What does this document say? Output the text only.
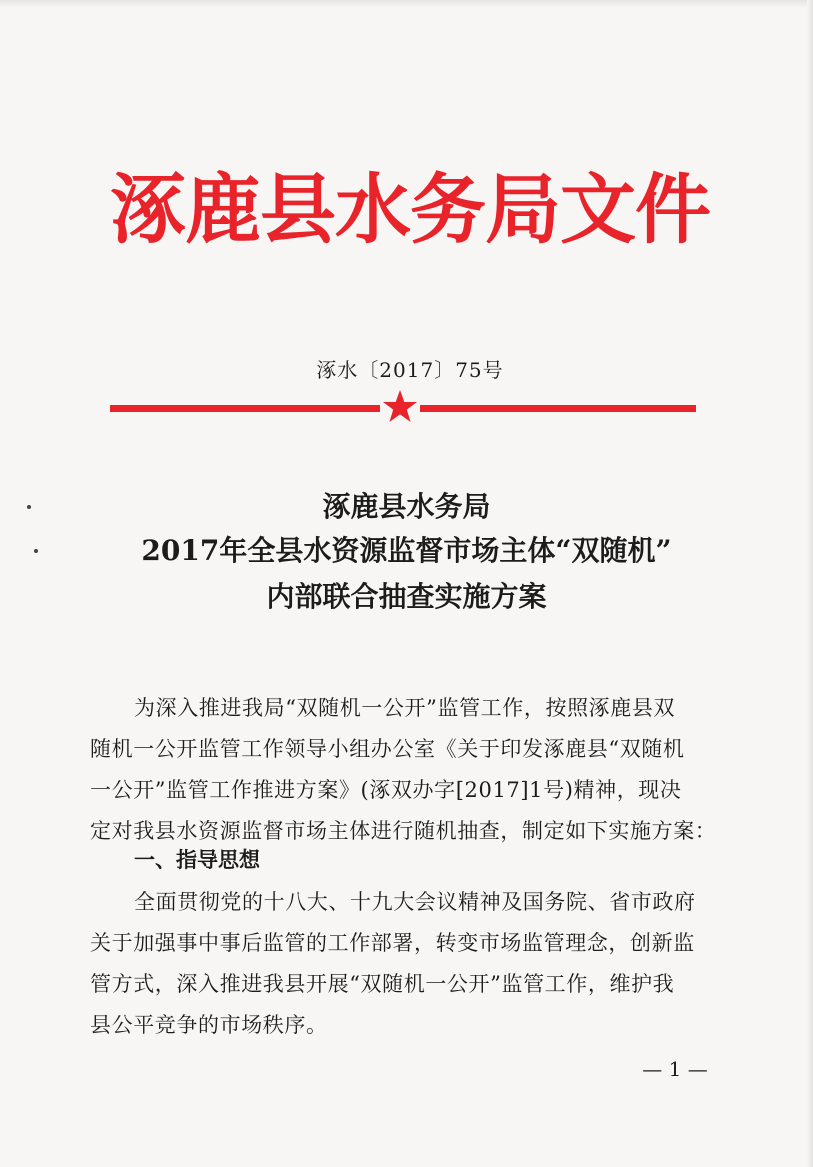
涿鹿县水务局文件
涿水〔2017〕75号
涿鹿县水务局
2017年全县水资源监督市场主体“双随机”
内部联合抽查实施方案
为深入推进我局“双随机一公开”监管工作，按照涿鹿县双
随机一公开监管工作领导小组办公室《关于印发涿鹿县“双随机
一公开”监管工作推进方案》(涿双办字[2017]1号)精神，现决
定对我县水资源监督市场主体进行随机抽查，制定如下实施方案：
一、指导思想
全面贯彻党的十八大、十九大会议精神及国务院、省市政府
关于加强事中事后监管的工作部署，转变市场监管理念，创新监
管方式，深入推进我县开展“双随机一公开”监管工作，维护我
县公平竞争的市场秩序。
— 1 —
